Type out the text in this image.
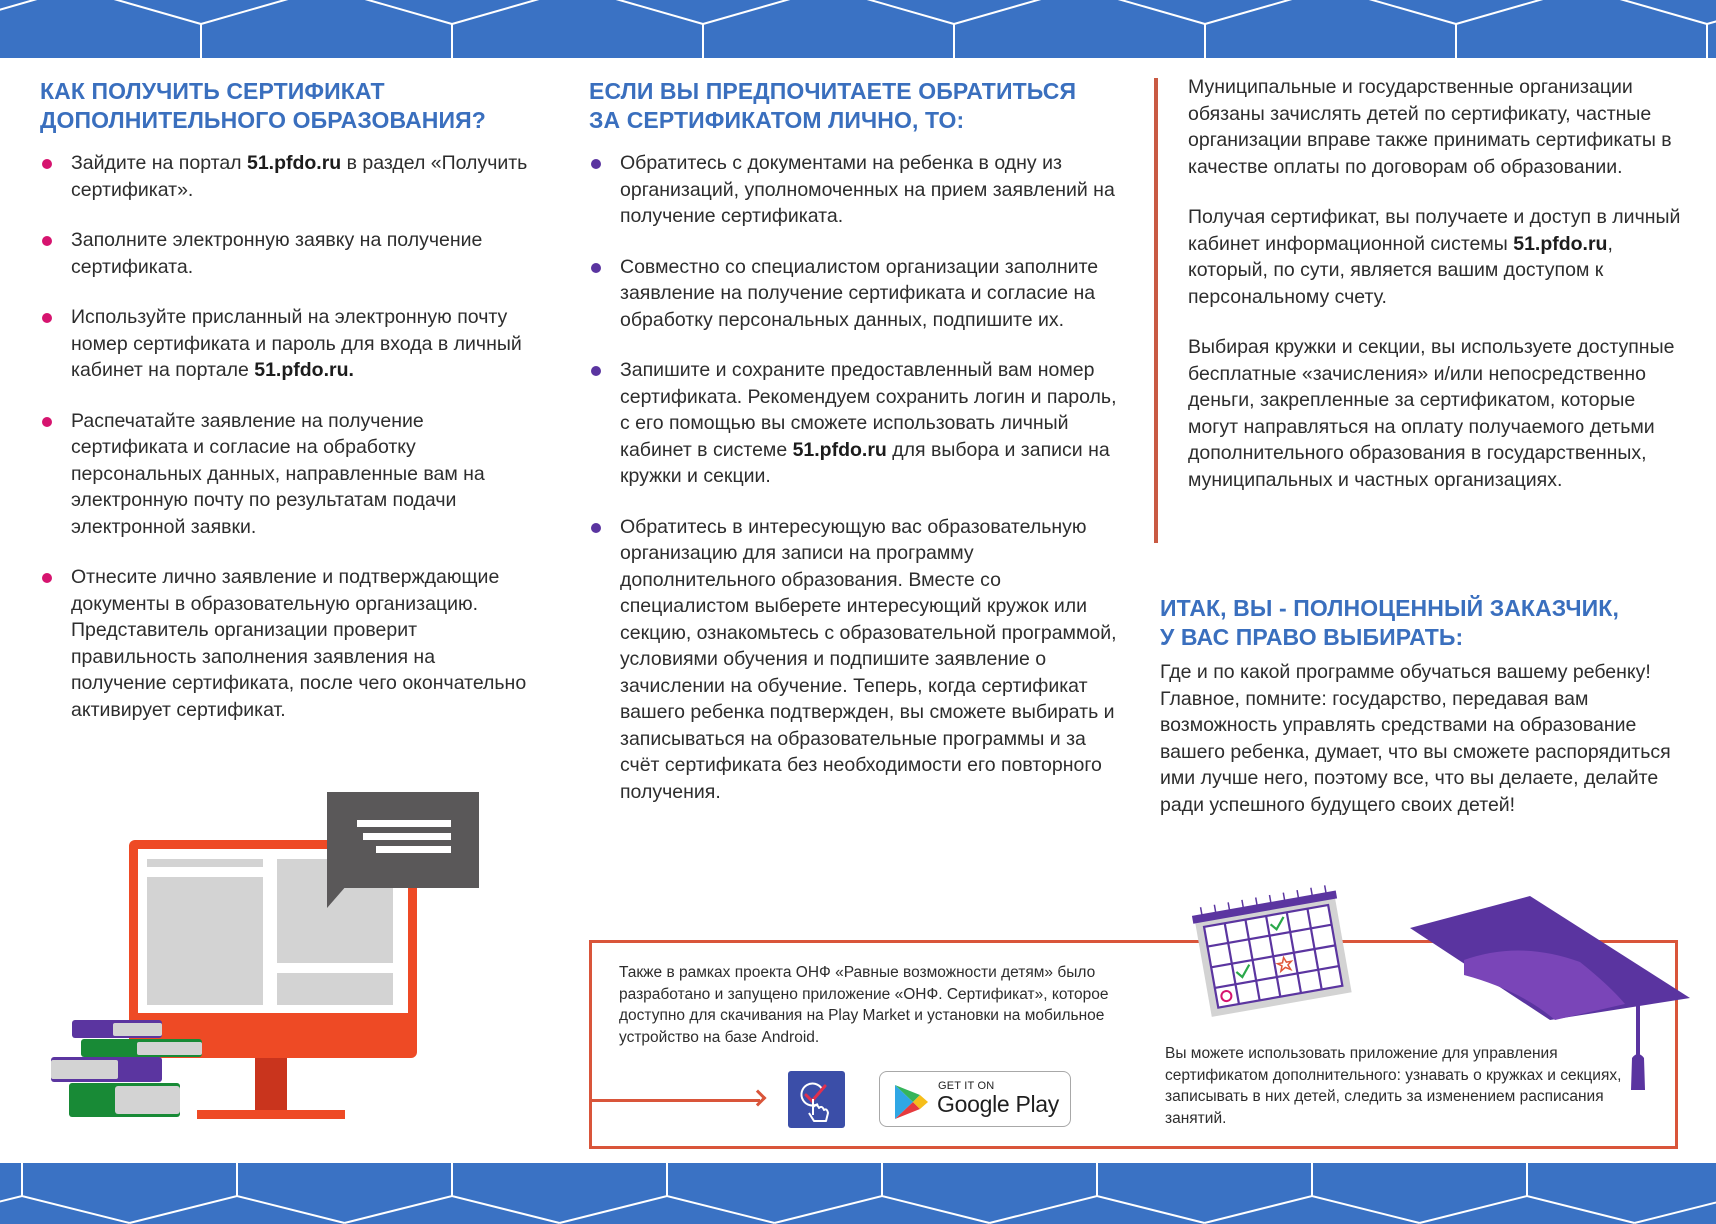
КАК ПОЛУЧИТЬ СЕРТИФИКАТ
ДОПОЛНИТЕЛЬНОГО ОБРАЗОВАНИЯ?
Зайдите на портал 51.pfdo.ru в раздел «Получить сертификат».
Заполните электронную заявку на получение сертификата.
Используйте присланный на электронную почту номер сертификата и пароль для входа в личный кабинет на портале 51.pfdo.ru.
Распечатайте заявление на получение сертификата и согласие на обработку персональных данных, направленные вам на электронную почту по результатам подачи электронной заявки.
Отнесите лично заявление и подтверждающие документы в образовательную организацию. Представитель организации проверит правильность заполнения заявления на получение сертификата, после чего окончательно активирует сертификат.
ЕСЛИ ВЫ ПРЕДПОЧИТАЕТЕ ОБРАТИТЬСЯ
ЗА СЕРТИФИКАТОМ ЛИЧНО, ТО:
Обратитесь с документами на ребенка в одну из организаций, уполномоченных на прием заявлений на получение сертификата.
Совместно со специалистом организации заполните заявление на получение сертификата и согласие на обработку персональных данных, подпишите их.
Запишите и сохраните предоставленный вам номер сертификата. Рекомендуем сохранить логин и пароль, с его помощью вы сможете использовать личный кабинет в системе 51.pfdo.ru для выбора и записи на кружки и секции.
Обратитесь в интересующую вас образовательную организацию для записи на программу дополнительного образования. Вместе со специалистом выберете интересующий кружок или секцию, ознакомьтесь с образовательной программой, условиями обучения и подпишите заявление о зачислении на обучение. Теперь, когда сертификат вашего ребенка подтвержден, вы сможете выбирать и записываться на образовательные программы и за счёт сертификата без необходимости его повторного получения.

Муниципальные и государственные организации обязаны зачислять детей по сертификату, частные организации вправе также принимать сертификаты в качестве оплаты по договорам об образовании.

Получая сертификат, вы получаете и доступ в личный кабинет информационной системы 51.pfdo.ru, который, по сути, является вашим доступом к персональному счету.

Выбирая кружки и секции, вы используете доступные бесплатные «зачисления» и/или непосредственно деньги, закрепленные за сертификатом, которые могут направляться на оплату получаемого детьми дополнительного образования в государственных, муниципальных и частных организациях.

ИТАК, ВЫ - ПОЛНОЦЕННЫЙ ЗАКАЗЧИК,
У ВАС ПРАВО ВЫБИРАТЬ:
Где и по какой программе обучаться вашему ребенку! Главное, помните: государство, передавая вам возможность управлять средствами на образование вашего ребенка, думает, что вы сможете распорядиться ими лучше него, поэтому все, что вы делаете, делайте ради успешного будущего своих детей!
Также в рамках проекта ОНФ «Равные возможности детям» было разработано и запущено приложение «ОНФ. Сертификат», которое доступно для скачивания на Play Market и установки на мобильное устройство на базе Android.
GET IT ON
Google Play
Вы можете использовать приложение для управления сертификатом дополнительного: узнавать о кружках и секциях, записывать в них детей, следить за изменением расписания занятий.
